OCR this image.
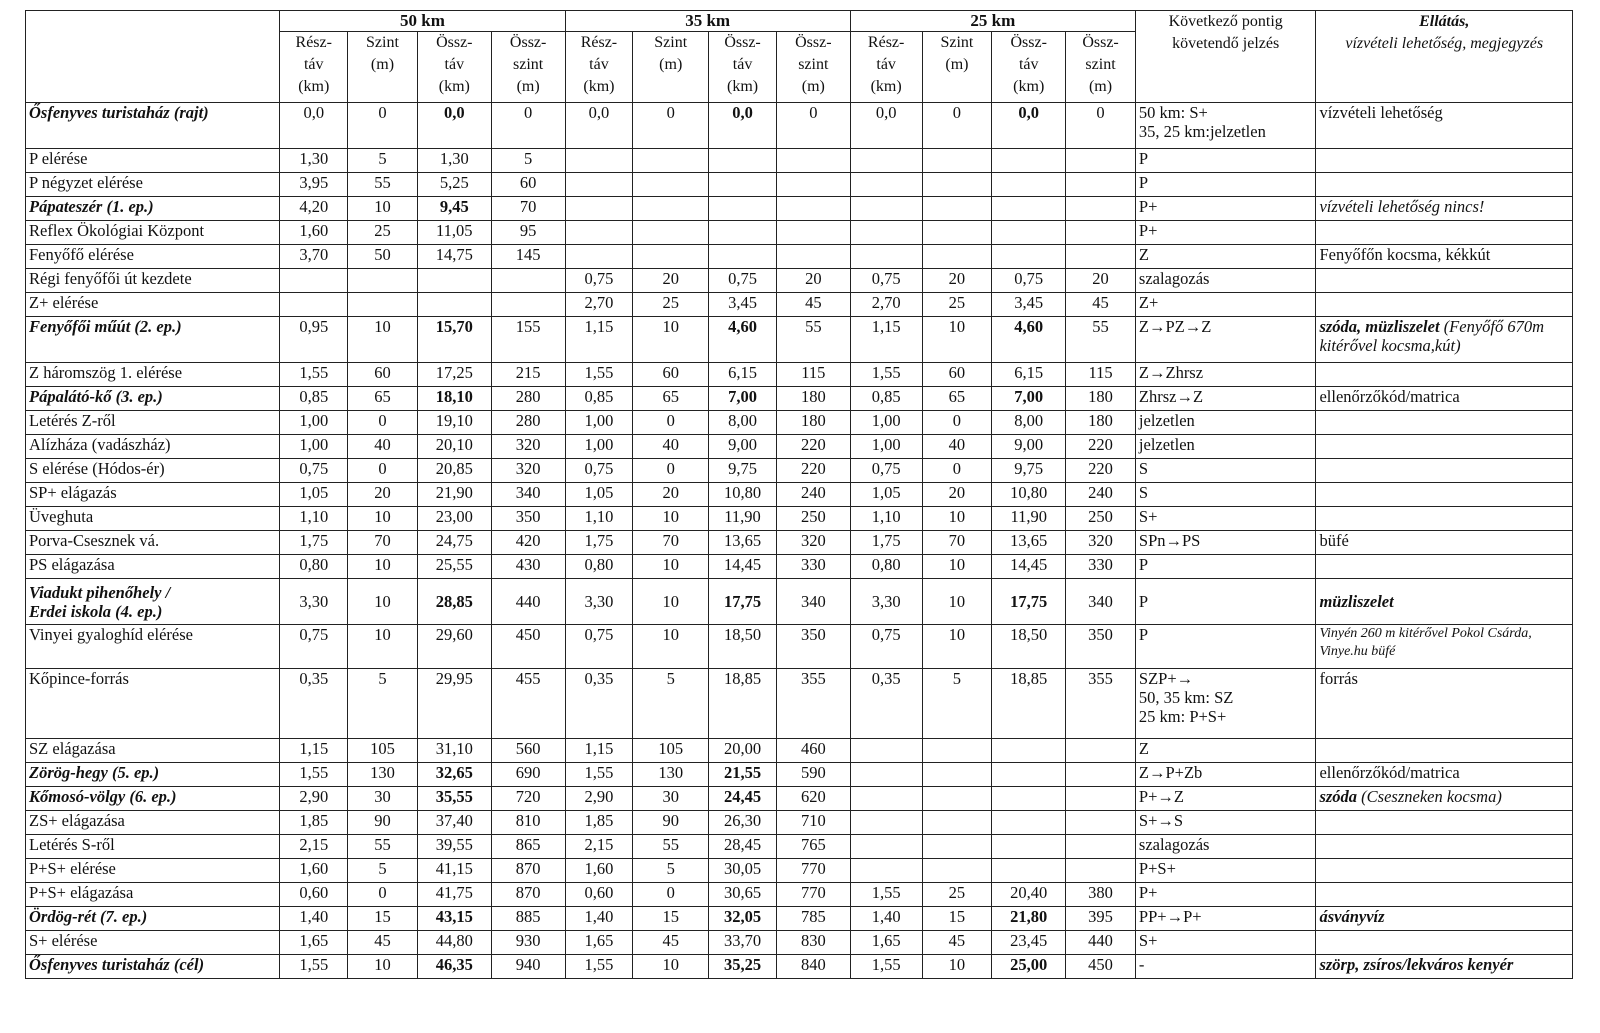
	50 km				35 km				25 km				Következő pontig követendő jelzés	Ellátás,
vízvételi lehetőség, megjegyzés

	Rész-
táv
(km)	Szint
(m)	Össz-
táv
(km)	Össz-
szint
(m)	Rész-
táv
(km)	Szint
(m)	Össz-
táv
(km)	Össz-
szint
(m)	Rész-
táv
(km)	Szint
(m)	Össz-
táv
(km)	Össz-
szint
(m)		
Ősfenyves turistaház (rajt)	0,0	0	0,0	0	0,0	0	0,0	0	0,0	0	0,0	0	50 km: S+
35, 25 km:jelzetlen	vízvételi lehetőség
P elérése	1,30	5	1,30	5									P	
P négyzet elérése	3,95	55	5,25	60									P	
Pápateszér (1. ep.)	4,20	10	9,45	70									P+	vízvételi lehetőség nincs!
Reflex Ökológiai Központ	1,60	25	11,05	95									P+	
Fenyőfő elérése	3,70	50	14,75	145									Z	Fenyőfőn kocsma, kékkút
Régi fenyőfői út kezdete					0,75	20	0,75	20	0,75	20	0,75	20	szalagozás	
Z+ elérése					2,70	25	3,45	45	2,70	25	3,45	45	Z+	
Fenyőfői műút (2. ep.)	0,95	10	15,70	155	1,15	10	4,60	55	1,15	10	4,60	55	Z→PZ→Z	szóda, müzliszelet (Fenyőfő 670m kitérővel kocsma,kút)
Z háromszög 1. elérése	1,55	60	17,25	215	1,55	60	6,15	115	1,55	60	6,15	115	Z→Zhrsz	
Pápalátó-kő (3. ep.)	0,85	65	18,10	280	0,85	65	7,00	180	0,85	65	7,00	180	Zhrsz→Z	ellenőrzőkód/matrica
Letérés Z-ről	1,00	0	19,10	280	1,00	0	8,00	180	1,00	0	8,00	180	jelzetlen	
Alízháza (vadászház)	1,00	40	20,10	320	1,00	40	9,00	220	1,00	40	9,00	220	jelzetlen	
S elérése (Hódos-ér)	0,75	0	20,85	320	0,75	0	9,75	220	0,75	0	9,75	220	S	
SP+ elágazás	1,05	20	21,90	340	1,05	20	10,80	240	1,05	20	10,80	240	S	
Üveghuta	1,10	10	23,00	350	1,10	10	11,90	250	1,10	10	11,90	250	S+	
Porva-Csesznek vá.	1,75	70	24,75	420	1,75	70	13,65	320	1,75	70	13,65	320	SPn→PS	büfé
PS elágazása	0,80	10	25,55	430	0,80	10	14,45	330	0,80	10	14,45	330	P	
Viadukt pihenőhely /
Erdei iskola (4. ep.)	3,30	10	28,85	440	3,30	10	17,75	340	3,30	10	17,75	340	P	müzliszelet
Vinyei gyaloghíd elérése	0,75	10	29,60	450	0,75	10	18,50	350	0,75	10	18,50	350	P	Vinyén 260 m kitérővel Pokol Csárda, Vinye.hu büfé
Kőpince-forrás	0,35	5	29,95	455	0,35	5	18,85	355	0,35	5	18,85	355	SZP+→
50, 35 km: SZ
25 km: P+S+	forrás
SZ elágazása	1,15	105	31,10	560	1,15	105	20,00	460					Z	
Zörög-hegy (5. ep.)	1,55	130	32,65	690	1,55	130	21,55	590					Z→P+Zb	ellenőrzőkód/matrica
Kőmosó-völgy (6. ep.)	2,90	30	35,55	720	2,90	30	24,45	620					P+→Z	szóda (Cseszneken kocsma)
ZS+ elágazása	1,85	90	37,40	810	1,85	90	26,30	710					S+→S	
Letérés S-ről	2,15	55	39,55	865	2,15	55	28,45	765					szalagozás	
P+S+ elérése	1,60	5	41,15	870	1,60	5	30,05	770					P+S+	
P+S+ elágazása	0,60	0	41,75	870	0,60	0	30,65	770	1,55	25	20,40	380	P+	
Ördög-rét (7. ep.)	1,40	15	43,15	885	1,40	15	32,05	785	1,40	15	21,80	395	PP+→P+	ásványvíz
S+ elérése	1,65	45	44,80	930	1,65	45	33,70	830	1,65	45	23,45	440	S+	
Ősfenyves turistaház (cél)	1,55	10	46,35	940	1,55	10	35,25	840	1,55	10	25,00	450	-	szörp, zsíros/lekváros kenyér
